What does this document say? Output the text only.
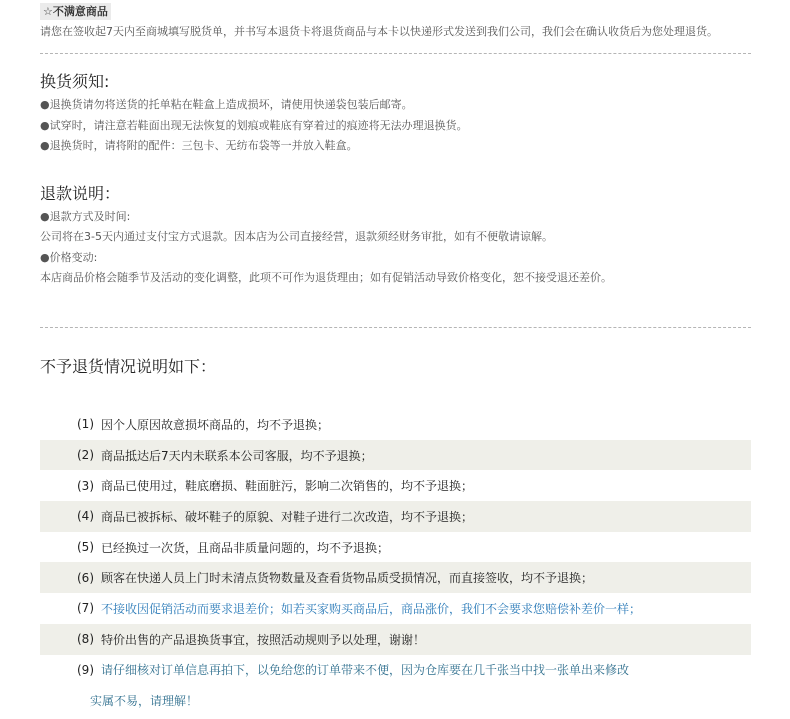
☆不满意商品

请您在签收起7天内至商城填写脱货单，并书写本退货卡将退货商品与本卡以快递形式发送到我们公司，我们会在确认收货后为您处理退货。

换货须知:
●退换货请勿将送货的托单粘在鞋盒上造成损坏，请使用快递袋包装后邮寄。
●试穿时，请注意若鞋面出现无法恢复的划痕或鞋底有穿着过的痕迹将无法办理退换货。
●退换货时，请将附的配件：三包卡、无纺布袋等一并放入鞋盒。
退款说明：
●退款方式及时间:
公司将在3-5天内通过支付宝方式退款。因本店为公司直接经营，退款须经财务审批，如有不便敬请谅解。
●价格变动:
本店商品价格会随季节及活动的变化调整，此项不可作为退货理由；如有促销活动导致价格变化，恕不接受退还差价。
不予退货情况说明如下：
(1) 因个人原因故意损坏商品的，均不予退换；
(2) 商品抵达后7天内未联系本公司客服，均不予退换；
(3) 商品已使用过，鞋底磨损、鞋面脏污，影响二次销售的，均不予退换；
(4) 商品已被拆标、破坏鞋子的原貌、对鞋子进行二次改造，均不予退换；
(5) 已经换过一次货，且商品非质量问题的，均不予退换；
(6) 顾客在快递人员上门时未清点货物数量及查看货物品质受损情况，而直接签收，均不予退换；
(7) 不接收因促销活动而要求退差价；如若买家购买商品后，商品涨价，我们不会要求您赔偿补差价一样；
(8) 特价出售的产品退换货事宜，按照活动规则予以处理，谢谢！
(9) 请仔细核对订单信息再拍下，以免给您的订单带来不便，因为仓库要在几千张当中找一张单出来修改
实属不易，请理解！
